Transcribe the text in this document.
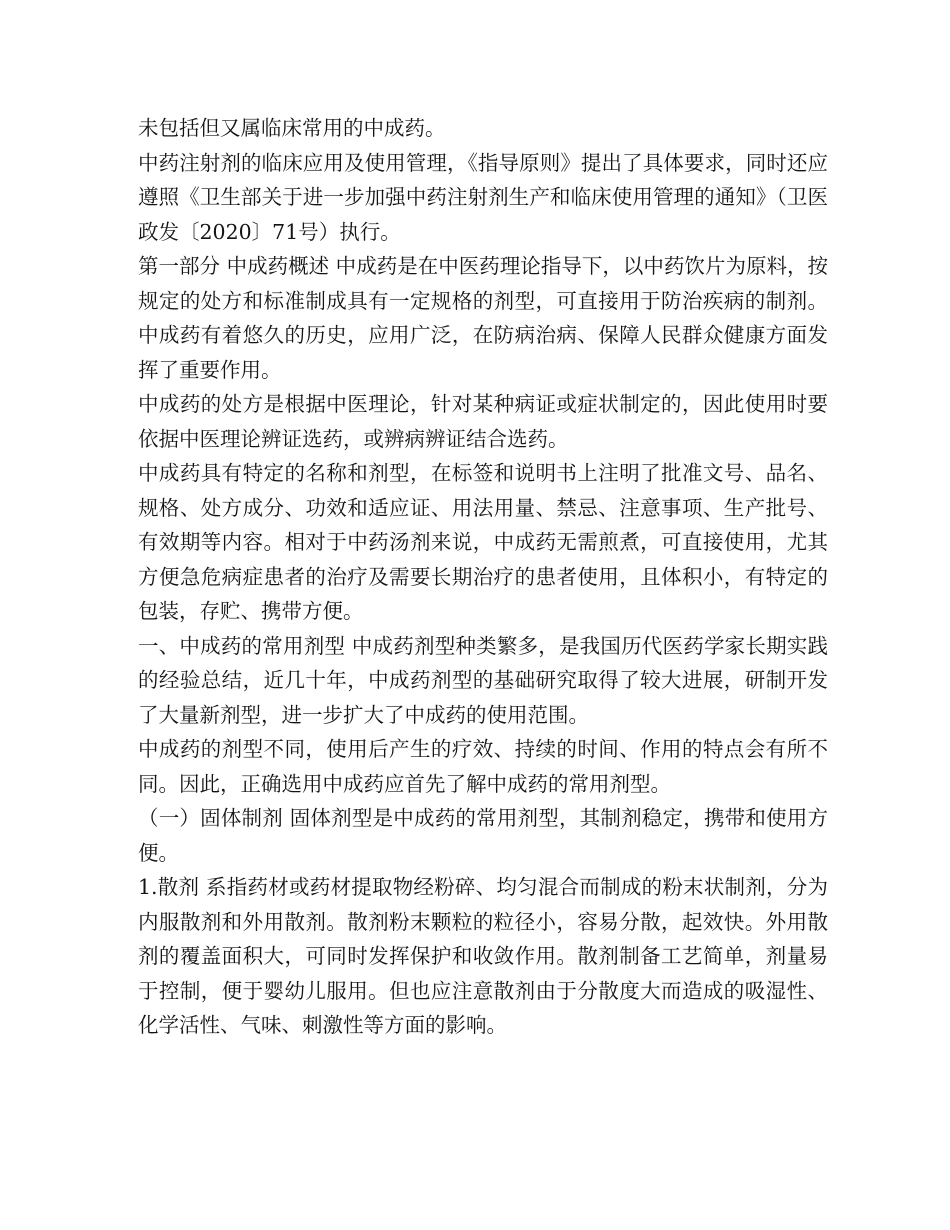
未包括但又属临床常用的中成药。

中药注射剂的临床应用及使用管理，《指导原则》提出了具体要求，同时还应遵照《卫生部关于进一步加强中药注射剂生产和临床使用管理的通知》（卫医政发〔2020〕71号）执行。

第一部分 中成药概述 中成药是在中医药理论指导下，以中药饮片为原料，按规定的处方和标准制成具有一定规格的剂型，可直接用于防治疾病的制剂。中成药有着悠久的历史，应用广泛，在防病治病、保障人民群众健康方面发挥了重要作用。

中成药的处方是根据中医理论，针对某种病证或症状制定的，因此使用时要依据中医理论辨证选药，或辨病辨证结合选药。

中成药具有特定的名称和剂型，在标签和说明书上注明了批准文号、品名、规格、处方成分、功效和适应证、用法用量、禁忌、注意事项、生产批号、有效期等内容。相对于中药汤剂来说，中成药无需煎煮，可直接使用，尤其方便急危病症患者的治疗及需要长期治疗的患者使用，且体积小，有特定的包装，存贮、携带方便。

一、中成药的常用剂型 中成药剂型种类繁多，是我国历代医药学家长期实践的经验总结，近几十年，中成药剂型的基础研究取得了较大进展，研制开发了大量新剂型，进一步扩大了中成药的使用范围。

中成药的剂型不同，使用后产生的疗效、持续的时间、作用的特点会有所不同。因此，正确选用中成药应首先了解中成药的常用剂型。

（一）固体制剂 固体剂型是中成药的常用剂型，其制剂稳定，携带和使用方便。

1.散剂 系指药材或药材提取物经粉碎、均匀混合而制成的粉末状制剂，分为内服散剂和外用散剂。散剂粉末颗粒的粒径小，容易分散，起效快。外用散剂的覆盖面积大，可同时发挥保护和收敛作用。散剂制备工艺简单，剂量易于控制，便于婴幼儿服用。但也应注意散剂由于分散度大而造成的吸湿性、化学活性、气味、刺激性等方面的影响。
